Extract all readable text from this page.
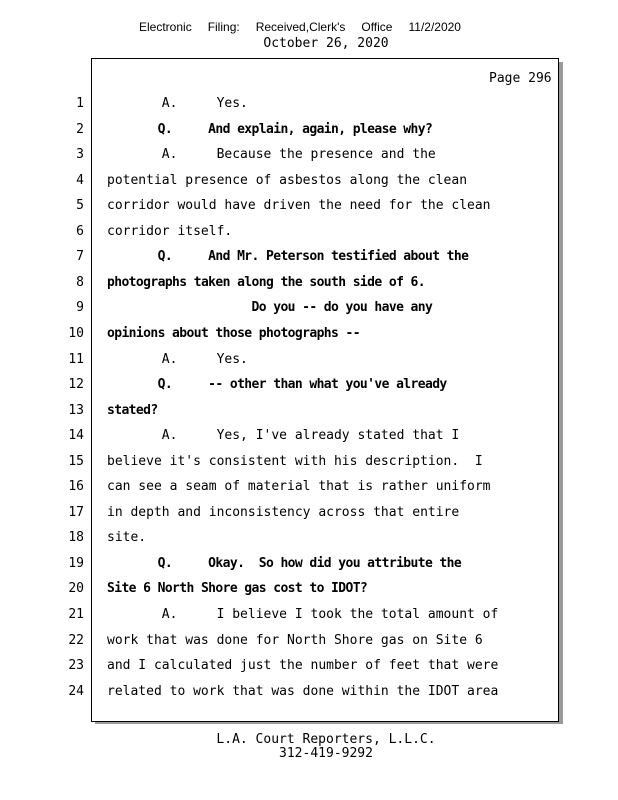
Electronic Filing: Received,Clerk's Office 11/2/2020
October 26, 2020
Page 296
1 A.     Yes.
2 Q.     And explain, again, please why?
3 A.     Because the presence and the
4 potential presence of asbestos along the clean
5 corridor would have driven the need for the clean
6 corridor itself.
7 Q.     And Mr. Peterson testified about the
8 photographs taken along the south side of 6.
9 Do you -- do you have any
10 opinions about those photographs --
11 A.     Yes.
12 Q.     -- other than what you've already
13 stated?
14 A.     Yes, I've already stated that I
15 believe it's consistent with his description.  I
16 can see a seam of material that is rather uniform
17 in depth and inconsistency across that entire
18 site.
19 Q.     Okay.  So how did you attribute the
20 Site 6 North Shore gas cost to IDOT?
21 A.     I believe I took the total amount of
22 work that was done for North Shore gas on Site 6
23 and I calculated just the number of feet that were
24 related to work that was done within the IDOT area
L.A. Court Reporters, L.L.C.
312-419-9292
